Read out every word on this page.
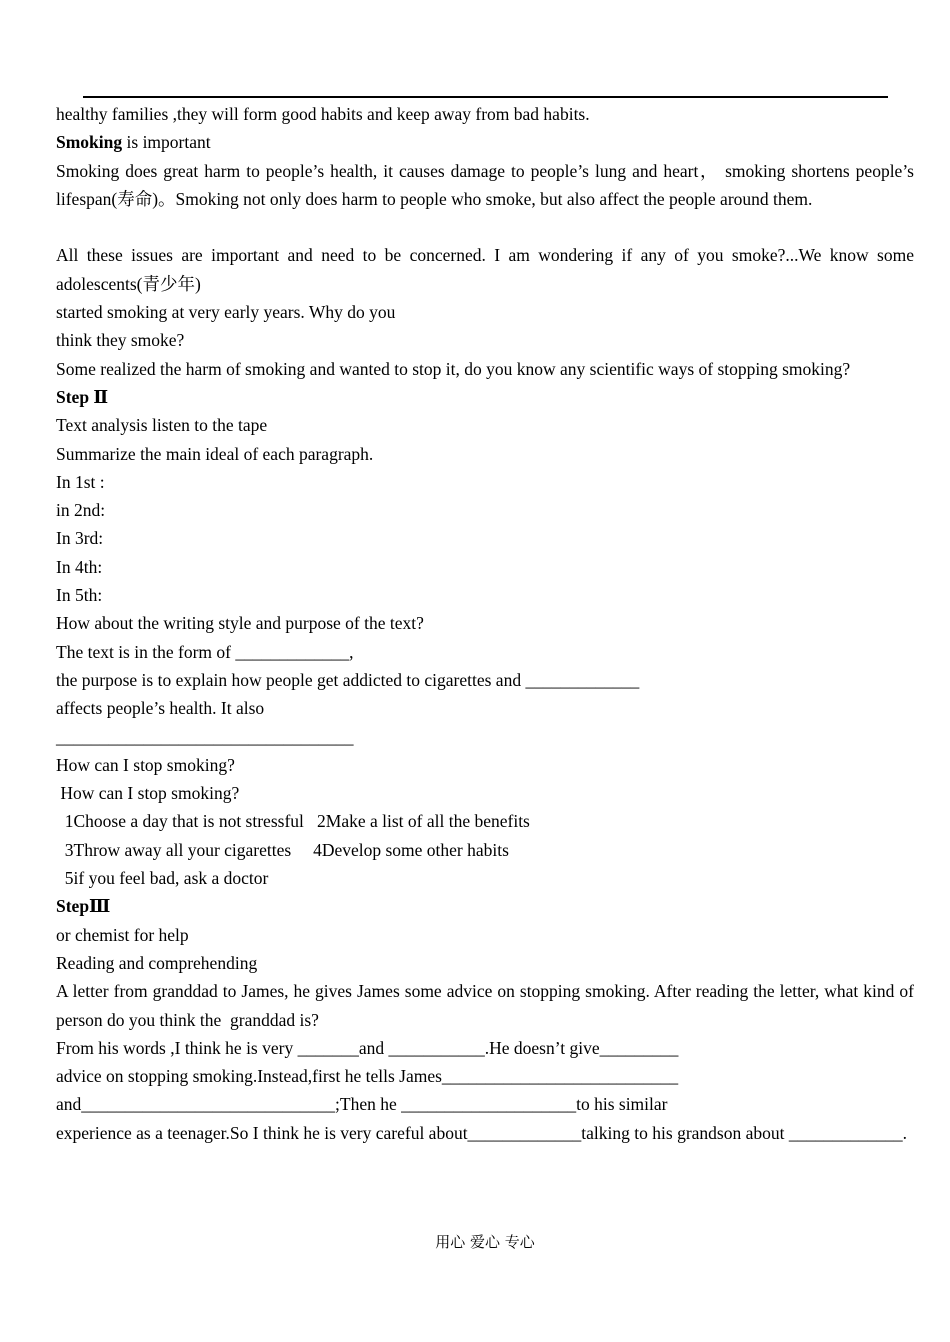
healthy families ,they will form good habits and keep away from bad habits.
Smoking is important
Smoking does great harm to people’s health, it causes damage to people’s lung and heart， smoking shortens people’s lifespan(寿命)。Smoking not only does harm to people who smoke, but also affect the people around them.
All these issues are important and need to be concerned. I am wondering if any of you smoke?...We know some adolescents(青少年)
started smoking at very early years. Why do you
think they smoke?
Some realized the harm of smoking and wanted to stop it, do you know any scientific ways of stopping smoking?
Step Ⅱ
Text analysis listen to the tape
Summarize the main ideal of each paragraph.
In 1st :
in 2nd:
In 3rd:
In 4th:
In 5th:
How about the writing style and purpose of the text?
The text is in the form of _____________,
the purpose is to explain how people get addicted to cigarettes and _____________
affects people’s health. It also
__________________________________
How can I stop smoking?
How can I stop smoking?
1Choose a day that is not stressful   2Make a list of all the benefits
3Throw away all your cigarettes     4Develop some other habits
5if you feel bad, ask a doctor
StepⅢ
or chemist for help
Reading and comprehending
A letter from granddad to James, he gives James some advice on stopping smoking. After reading the letter, what kind of person do you think the  granddad is?
From his words ,I think he is very _______and ___________.He doesn’t give_________
advice on stopping smoking.Instead,first he tells James___________________________
and_____________________________;Then he ____________________to his similar
experience as a teenager.So I think he is very careful about_____________talking to his grandson about _____________.
用心 爱心 专心
